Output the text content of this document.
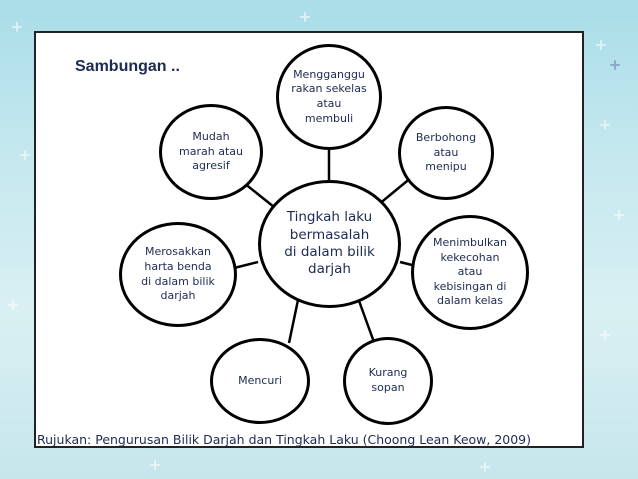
Sambungan ..
Tingkah laku
bermasalah
di dalam bilik
darjah
Mengganggu
rakan sekelas
atau
membuli
Mudah
marah atau
agresif
Berbohong
atau
menipu
Merosakkan
harta benda
di dalam bilik
darjah
Menimbulkan
kekecohan
atau
kebisingan di
dalam kelas
Mencuri
Kurang
sopan
Rujukan: Pengurusan Bilik Darjah dan Tingkah Laku (Choong Lean Keow, 2009)
